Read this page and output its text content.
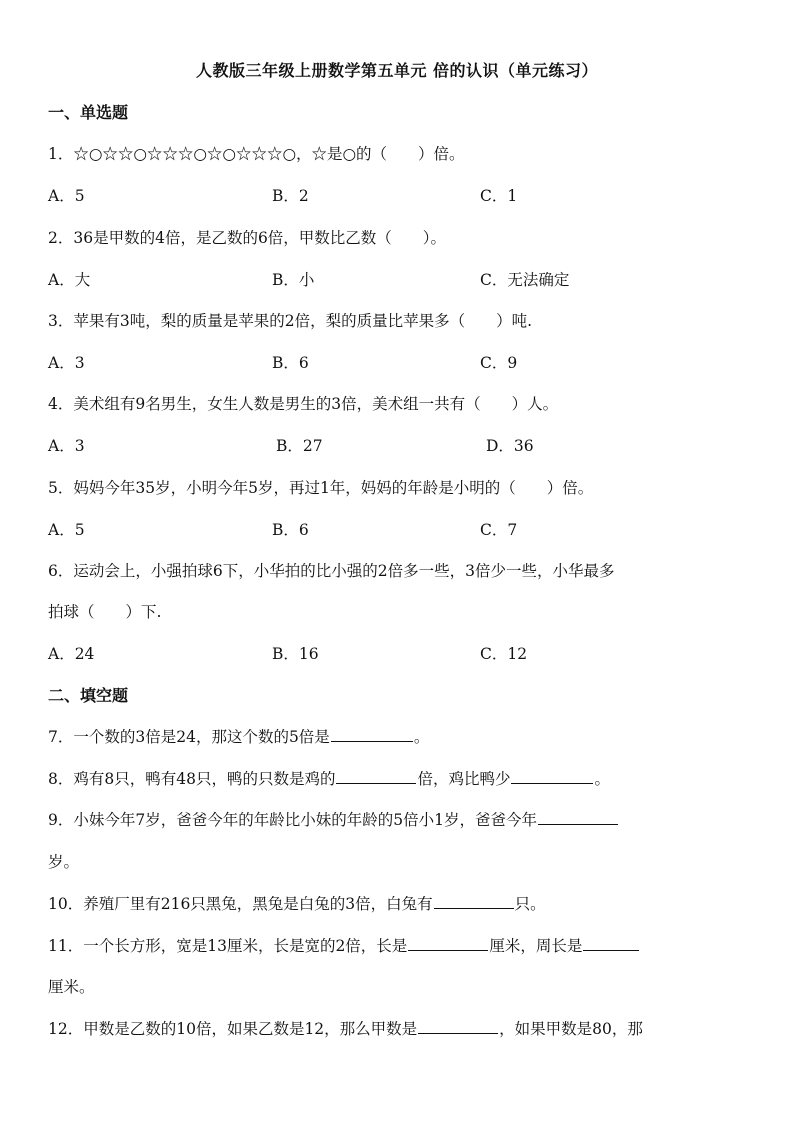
人教版三年级上册数学第五单元 倍的认识（单元练习）
一、单选题
1．☆○☆☆○☆☆☆○☆○☆☆☆○，☆是○的（　　）倍。
A．5	B．2	C．1
2．36是甲数的4倍，是乙数的6倍，甲数比乙数（　　）。
A．大	B．小	C．无法确定
3．苹果有3吨，梨的质量是苹果的2倍，梨的质量比苹果多（　　）吨.
A．3	B．6	C．9
4．美术组有9名男生，女生人数是男生的3倍，美术组一共有（　　）人。
A．3	B．27	D．36
5．妈妈今年35岁，小明今年5岁，再过1年，妈妈的年龄是小明的（　　）倍。
A．5	B．6	C．7
6．运动会上，小强拍球6下，小华拍的比小强的2倍多一些，3倍少一些，小华最多
拍球（　　）下.
A．24	B．16	C．12
二、填空题
7．一个数的3倍是24，那这个数的5倍是	。
8．鸡有8只，鸭有48只，鸭的只数是鸡的	倍，鸡比鸭少	。
9．小妹今年7岁，爸爸今年的年龄比小妹的年龄的5倍小1岁，爸爸今年
岁。
10．养殖厂里有216只黑兔，黑兔是白兔的3倍，白兔有	只。
11．一个长方形，宽是13厘米，长是宽的2倍，长是	厘米，周长是
厘米。
12．甲数是乙数的10倍，如果乙数是12，那么甲数是	，如果甲数是80，那
